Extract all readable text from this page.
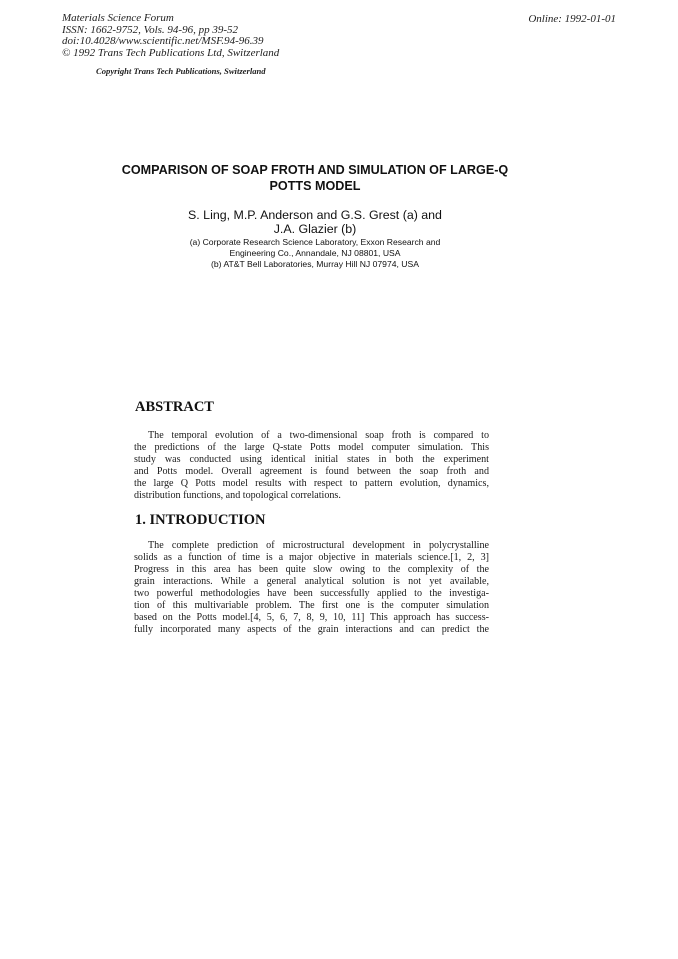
Materials Science Forum
ISSN: 1662-9752, Vols. 94-96, pp 39-52
doi:10.4028/www.scientific.net/MSF.94-96.39
© 1992 Trans Tech Publications Ltd, Switzerland
Copyright Trans Tech Publications, Switzerland
Online: 1992-01-01
COMPARISON OF SOAP FROTH AND SIMULATION OF LARGE-Q
POTTS MODEL
S. Ling, M.P. Anderson and G.S. Grest (a) and
J.A. Glazier (b)
(a) Corporate Research Science Laboratory, Exxon Research and
Engineering Co., Annandale, NJ 08801, USA
(b) AT&T Bell Laboratories, Murray Hill NJ 07974, USA
ABSTRACT
The temporal evolution of a two-dimensional soap froth is compared to
the predictions of the large Q-state Potts model computer simulation. This
study was conducted using identical initial states in both the experiment
and Potts model. Overall agreement is found between the soap froth and
the large Q Potts model results with respect to pattern evolution, dynamics,
distribution functions, and topological correlations.
1. INTRODUCTION
The complete prediction of microstructural development in polycrystalline
solids as a function of time is a major objective in materials science.[1, 2, 3]
Progress in this area has been quite slow owing to the complexity of the
grain interactions. While a general analytical solution is not yet available,
two powerful methodologies have been successfully applied to the investiga-
tion of this multivariable problem. The first one is the computer simulation
based on the Potts model.[4, 5, 6, 7, 8, 9, 10, 11] This approach has success-
fully incorporated many aspects of the grain interactions and can predict the
